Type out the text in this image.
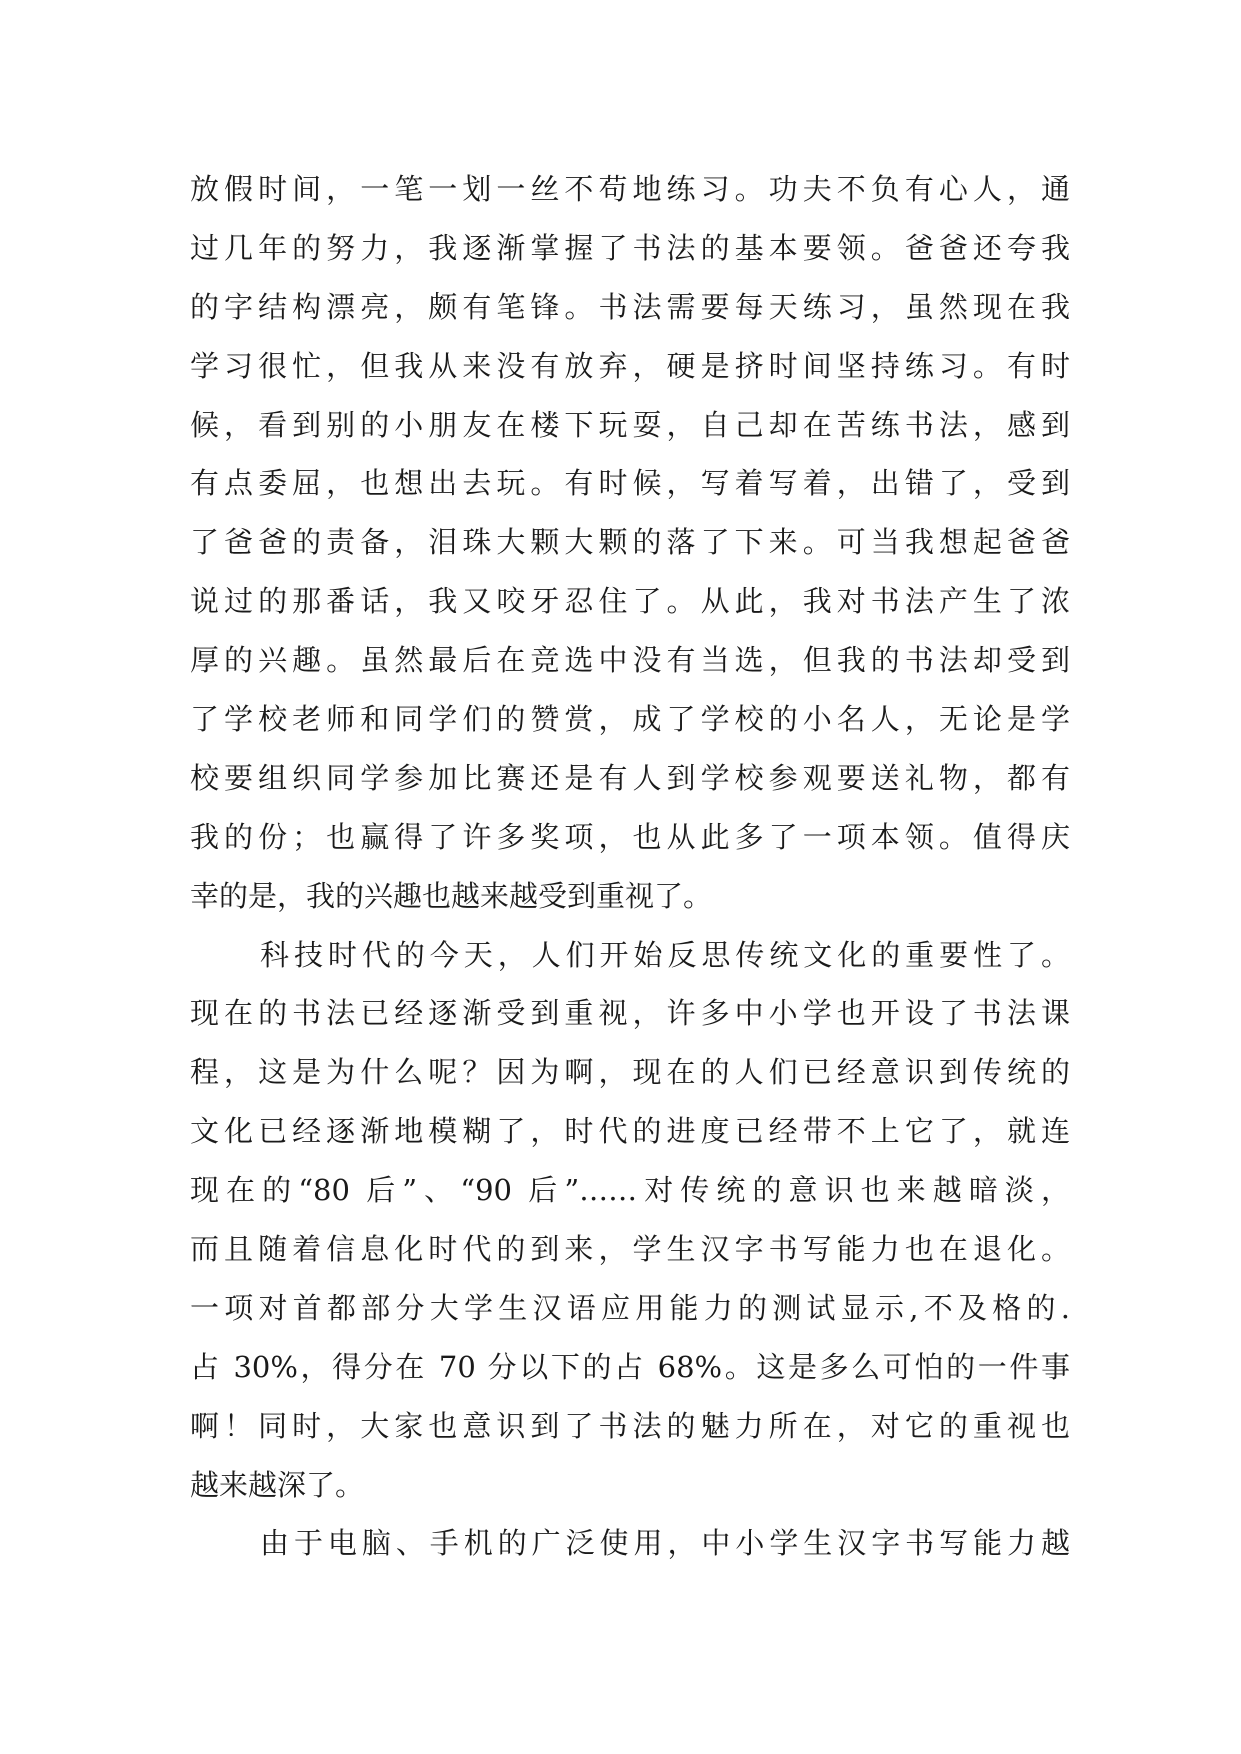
放假时间，一笔一划一丝不苟地练习。功夫不负有心人，通
过几年的努力，我逐渐掌握了书法的基本要领。爸爸还夸我
的字结构漂亮，颇有笔锋。书法需要每天练习，虽然现在我
学习很忙，但我从来没有放弃，硬是挤时间坚持练习。有时
候，看到别的小朋友在楼下玩耍，自己却在苦练书法，感到
有点委屈，也想出去玩。有时候，写着写着，出错了，受到
了爸爸的责备，泪珠大颗大颗的落了下来。可当我想起爸爸
说过的那番话，我又咬牙忍住了。从此，我对书法产生了浓
厚的兴趣。虽然最后在竞选中没有当选，但我的书法却受到
了学校老师和同学们的赞赏，成了学校的小名人，无论是学
校要组织同学参加比赛还是有人到学校参观要送礼物，都有
我的份；也赢得了许多奖项，也从此多了一项本领。值得庆
幸的是，我的兴趣也越来越受到重视了。
科技时代的今天，人们开始反思传统文化的重要性了。
现在的书法已经逐渐受到重视，许多中小学也开设了书法课
程，这是为什么呢？因为啊，现在的人们已经意识到传统的
文化已经逐渐地模糊了，时代的进度已经带不上它了，就连
现在的“80 后”、“90 后”……对传统的意识也来越暗淡，
而且随着信息化时代的到来，学生汉字书写能力也在退化。
一项对首都部分大学生汉语应用能力的测试显示,不及格的.
占 30%，得分在 70 分以下的占 68%。这是多么可怕的一件事
啊！同时，大家也意识到了书法的魅力所在，对它的重视也
越来越深了。
由于电脑、手机的广泛使用，中小学生汉字书写能力越
